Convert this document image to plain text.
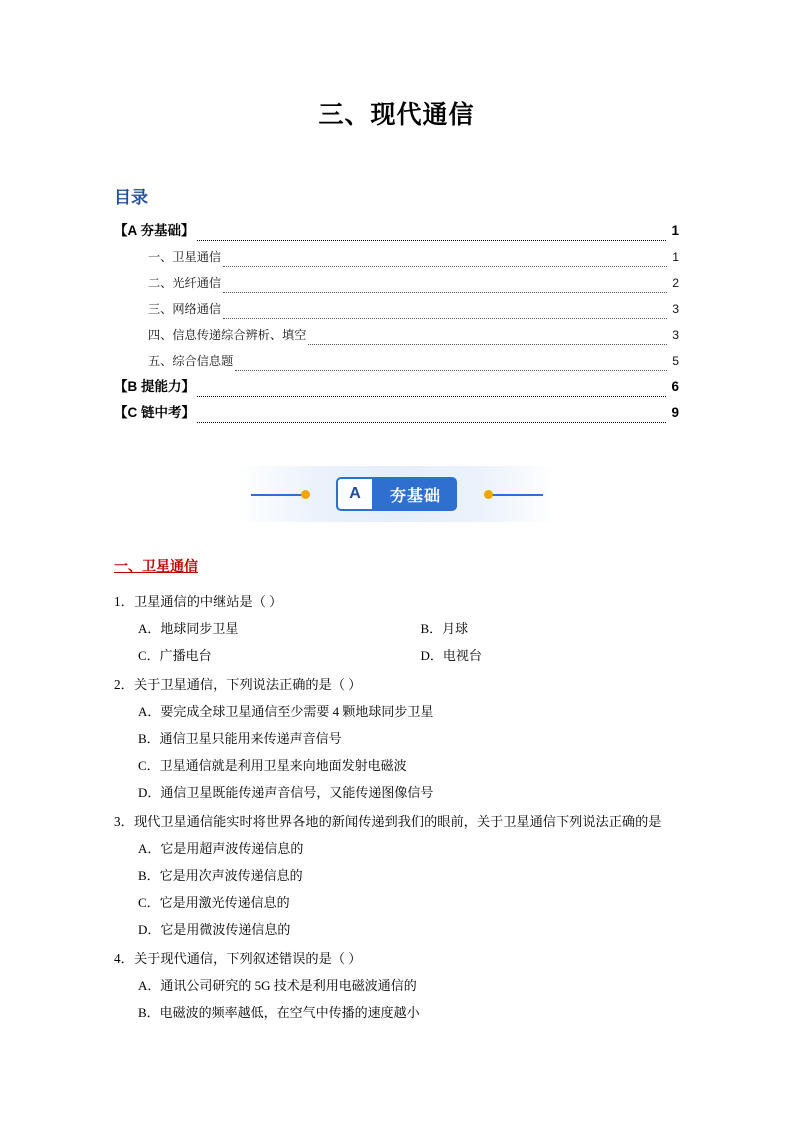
三、现代通信
目录
【A 夯基础】	1
一、卫星通信	1
二、光纤通信	2
三、网络通信	3
四、信息传递综合辨析、填空	3
五、综合信息题	5
【B 提能力】	6
【C 链中考】	9
A	夯基础
一、卫星通信
1．卫星通信的中继站是（ ）
A．地球同步卫星	B．月球
C．广播电台	D．电视台
2．关于卫星通信，下列说法正确的是（ ）
A．要完成全球卫星通信至少需要 4 颗地球同步卫星
B．通信卫星只能用来传递声音信号
C．卫星通信就是利用卫星来向地面发射电磁波
D．通信卫星既能传递声音信号，又能传递图像信号
3．现代卫星通信能实时将世界各地的新闻传递到我们的眼前，关于卫星通信下列说法正确的是
A．它是用超声波传递信息的
B．它是用次声波传递信息的
C．它是用激光传递信息的
D．它是用微波传递信息的
4．关于现代通信，下列叙述错误的是（ ）
A．通讯公司研究的 5G 技术是利用电磁波通信的
B．电磁波的频率越低，在空气中传播的速度越小
